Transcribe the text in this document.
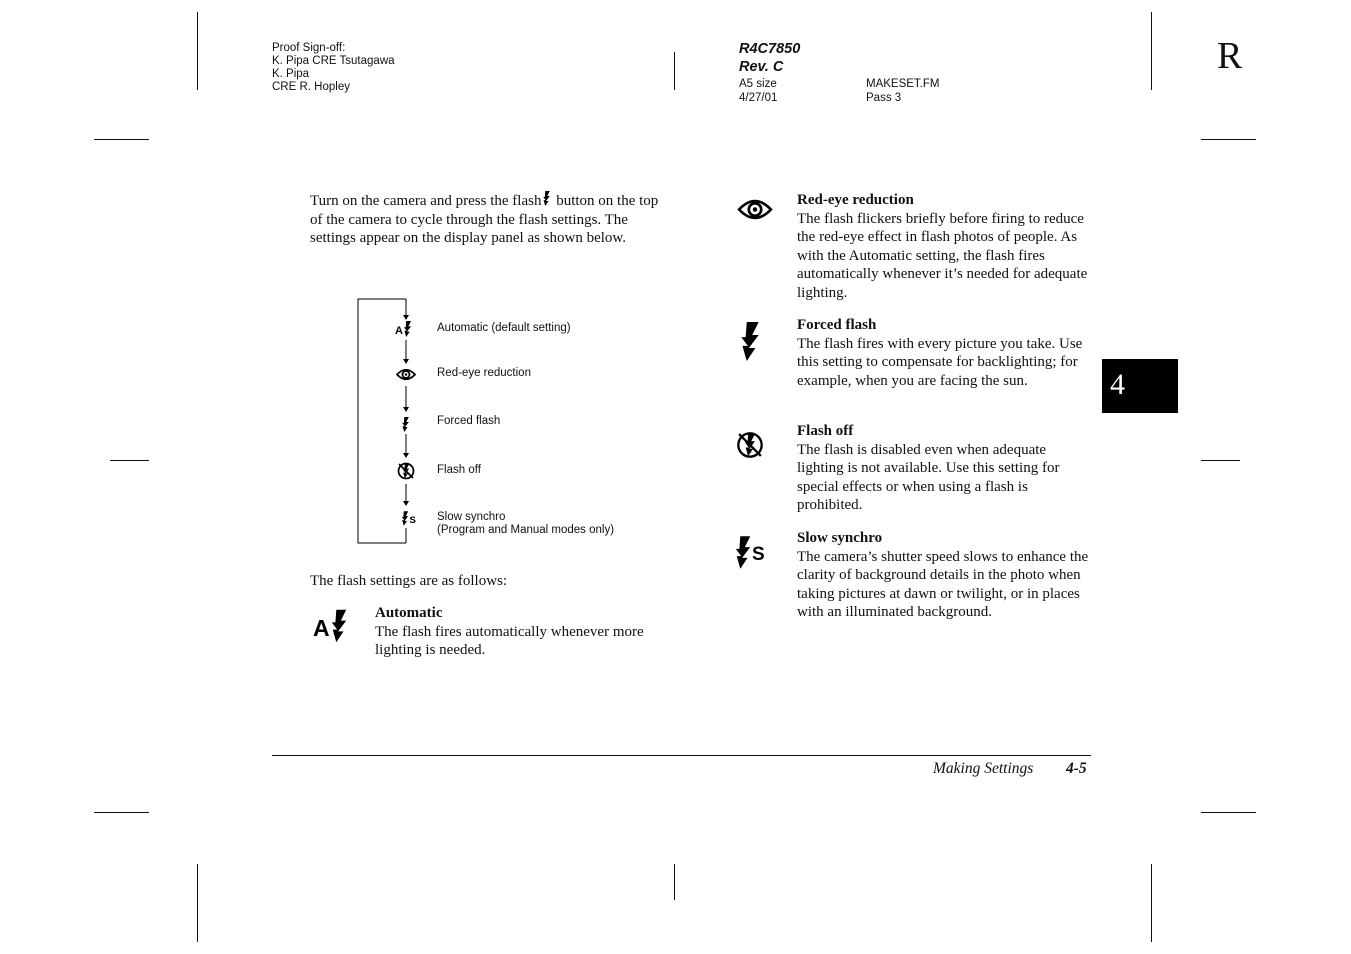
Proof Sign-off:
K. Pipa CRE Tsutagawa
K. Pipa
CRE R. Hopley
R4C7850
Rev. C
A5 size
4/27/01
MAKESET.FM
Pass 3
R
4
Turn on the camera and press the flash button on the top of the camera to cycle through the flash settings. The settings appear on the display panel as shown below.
A
S
Automatic (default setting)
Red-eye reduction
Forced flash
Flash off
Slow synchro
(Program and Manual modes only)
The flash settings are as follows:
A
Automatic
The flash fires automatically whenever more lighting is needed.
Red-eye reduction
The flash flickers briefly before firing to reduce the red-eye effect in flash photos of people. As with the Automatic setting, the flash fires automatically whenever it’s needed for adequate lighting.
Forced flash
The flash fires with every picture you take. Use this setting to compensate for backlighting; for example, when you are facing the sun.
Flash off
The flash is disabled even when adequate lighting is not available. Use this setting for special effects or when using a flash is prohibited.
S
Slow synchro
The camera’s shutter speed slows to enhance the clarity of background details in the photo when taking pictures at dawn or twilight, or in places with an illuminated background.
Making Settings 4-5
